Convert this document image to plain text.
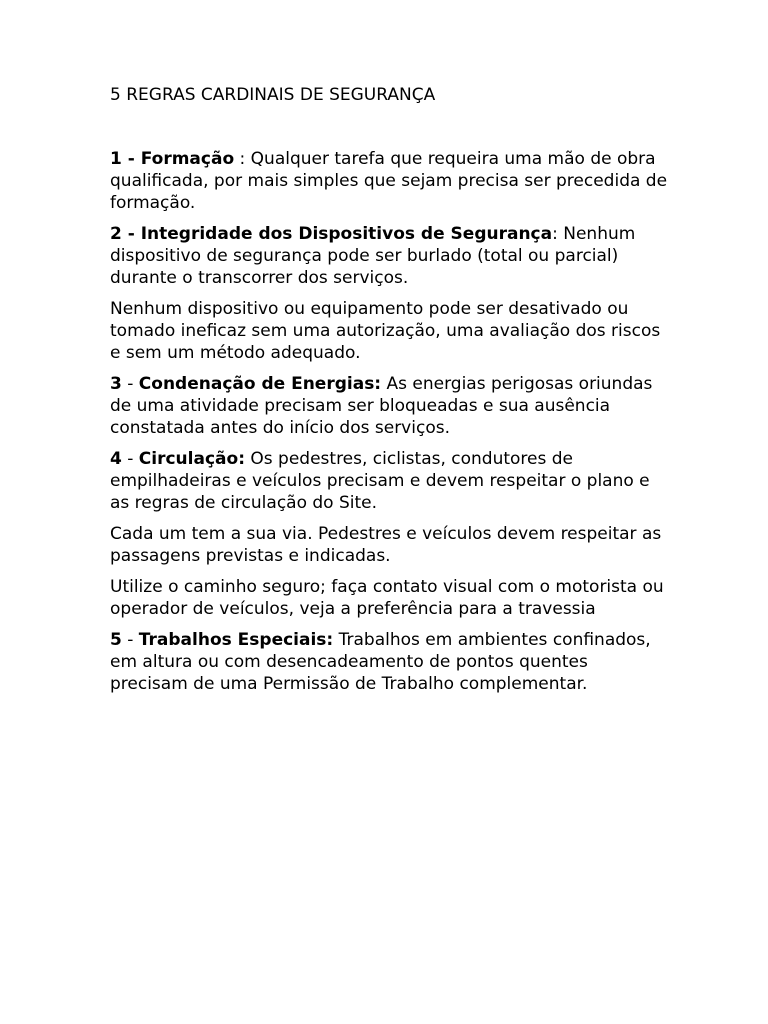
5 REGRAS CARDINAIS DE SEGURANÇA

1 - Formação : Qualquer tarefa que requeira uma mão de obra qualificada, por mais simples que sejam precisa ser precedida de formação.

2 - Integridade dos Dispositivos de Segurança: Nenhum dispositivo de segurança pode ser burlado (total ou parcial) durante o transcorrer dos serviços.

Nenhum dispositivo ou equipamento pode ser desativado ou tomado ineficaz sem uma autorização, uma avaliação dos riscos e sem um método adequado.

3 - Condenação de Energias: As energias perigosas oriundas de uma atividade precisam ser bloqueadas e sua ausência constatada antes do início dos serviços.

4 - Circulação: Os pedestres, ciclistas, condutores de empilhadeiras e veículos precisam e devem respeitar o plano e as regras de circulação do Site.

Cada um tem a sua via. Pedestres e veículos devem respeitar as passagens previstas e indicadas.

Utilize o caminho seguro; faça contato visual com o motorista ou operador de veículos, veja a preferência para a travessia

5 - Trabalhos Especiais: Trabalhos em ambientes confinados, em altura ou com desencadeamento de pontos quentes precisam de uma Permissão de Trabalho complementar.
